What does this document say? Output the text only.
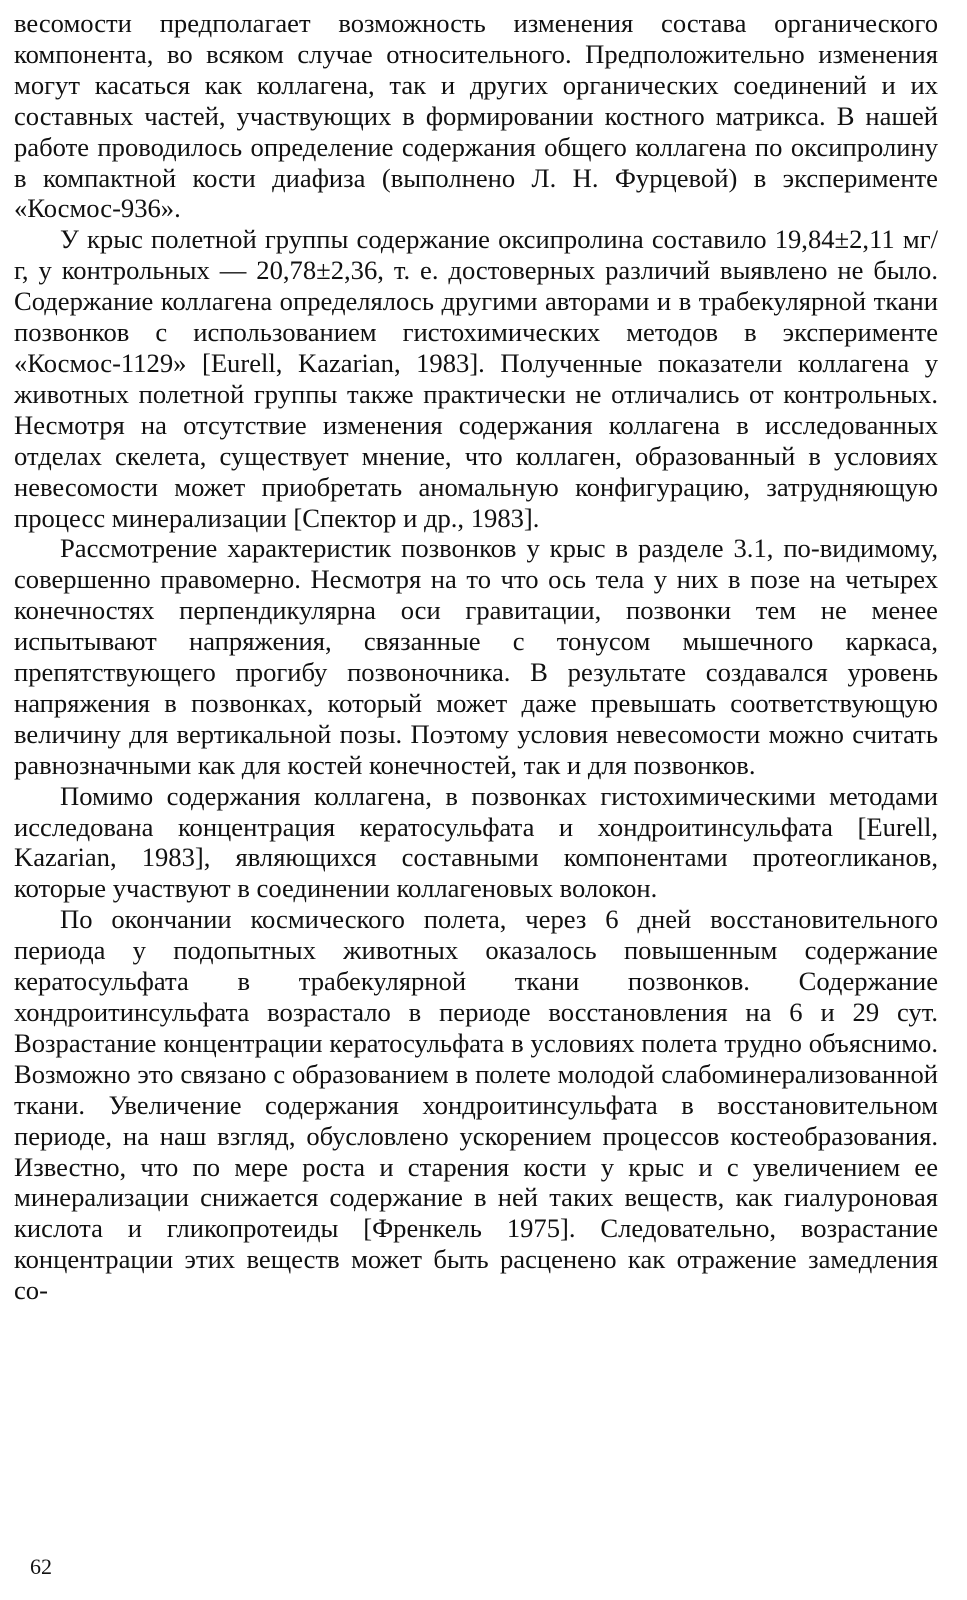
весомости предполагает возможность изменения состава органического компонента, во всяком случае относительного. Предположительно изменения могут касаться как коллагена, так и других органических соединений и их составных частей, участвующих в формировании костного матрикса. В нашей работе проводилось определение содержания общего коллагена по оксипролину в компактной кости диафиза (выполнено Л. Н. Фурцевой) в эксперименте «Космос-936».

У крыс полетной группы содержание оксипролина составило 19,84±2,11 мг/г, у контрольных — 20,78±2,36, т. е. достоверных различий выявлено не было. Содержание коллагена определялось другими авторами и в трабекулярной ткани позвонков с использованием гистохимических методов в эксперименте «Космос-1129» [Eurell, Kazarian, 1983]. Полученные показатели коллагена у животных полетной группы также практически не отличались от контрольных. Несмотря на отсутствие изменения содержания коллагена в исследованных отделах скелета, существует мнение, что коллаген, образованный в условиях невесомости может приобретать аномальную конфигурацию, затрудняющую процесс минерализации [Спектор и др., 1983].

Рассмотрение характеристик позвонков у крыс в разделе 3.1, по-видимому, совершенно правомерно. Несмотря на то что ось тела у них в позе на четырех конечностях перпендикулярна оси гравитации, позвонки тем не менее испытывают напряжения, связанные с тонусом мышечного каркаса, препятствующего прогибу позвоночника. В результате создавался уровень напряжения в позвонках, который может даже превышать соответствующую величину для вертикальной позы. Поэтому условия невесомости можно считать равнозначными как для костей конечностей, так и для позвонков.

Помимо содержания коллагена, в позвонках гистохимическими методами исследована концентрация кератосульфата и хондроитинсульфата [Eurell, Kazarian, 1983], являющихся составными компонентами протеогликанов, которые участвуют в соединении коллагеновых волокон.

По окончании космического полета, через 6 дней восстановительного периода у подопытных животных оказалось повышенным содержание кератосульфата в трабекулярной ткани позвонков. Содержание хондроитинсульфата возрастало в периоде восстановления на 6 и 29 сут. Возрастание концентрации кератосульфата в условиях полета трудно объяснимо. Возможно это связано с образованием в полете молодой слабоминерализованной ткани. Увеличение содержания хондроитинсульфата в восстановительном периоде, на наш взгляд, обусловлено ускорением процессов костеобразования. Известно, что по мере роста и старения кости у крыс и с увеличением ее минерализации снижается содержание в ней таких веществ, как гиалуроновая кислота и гликопротеиды [Френкель 1975]. Следовательно, возрастание концентрации этих веществ может быть расценено как отражение замедления со-

62
